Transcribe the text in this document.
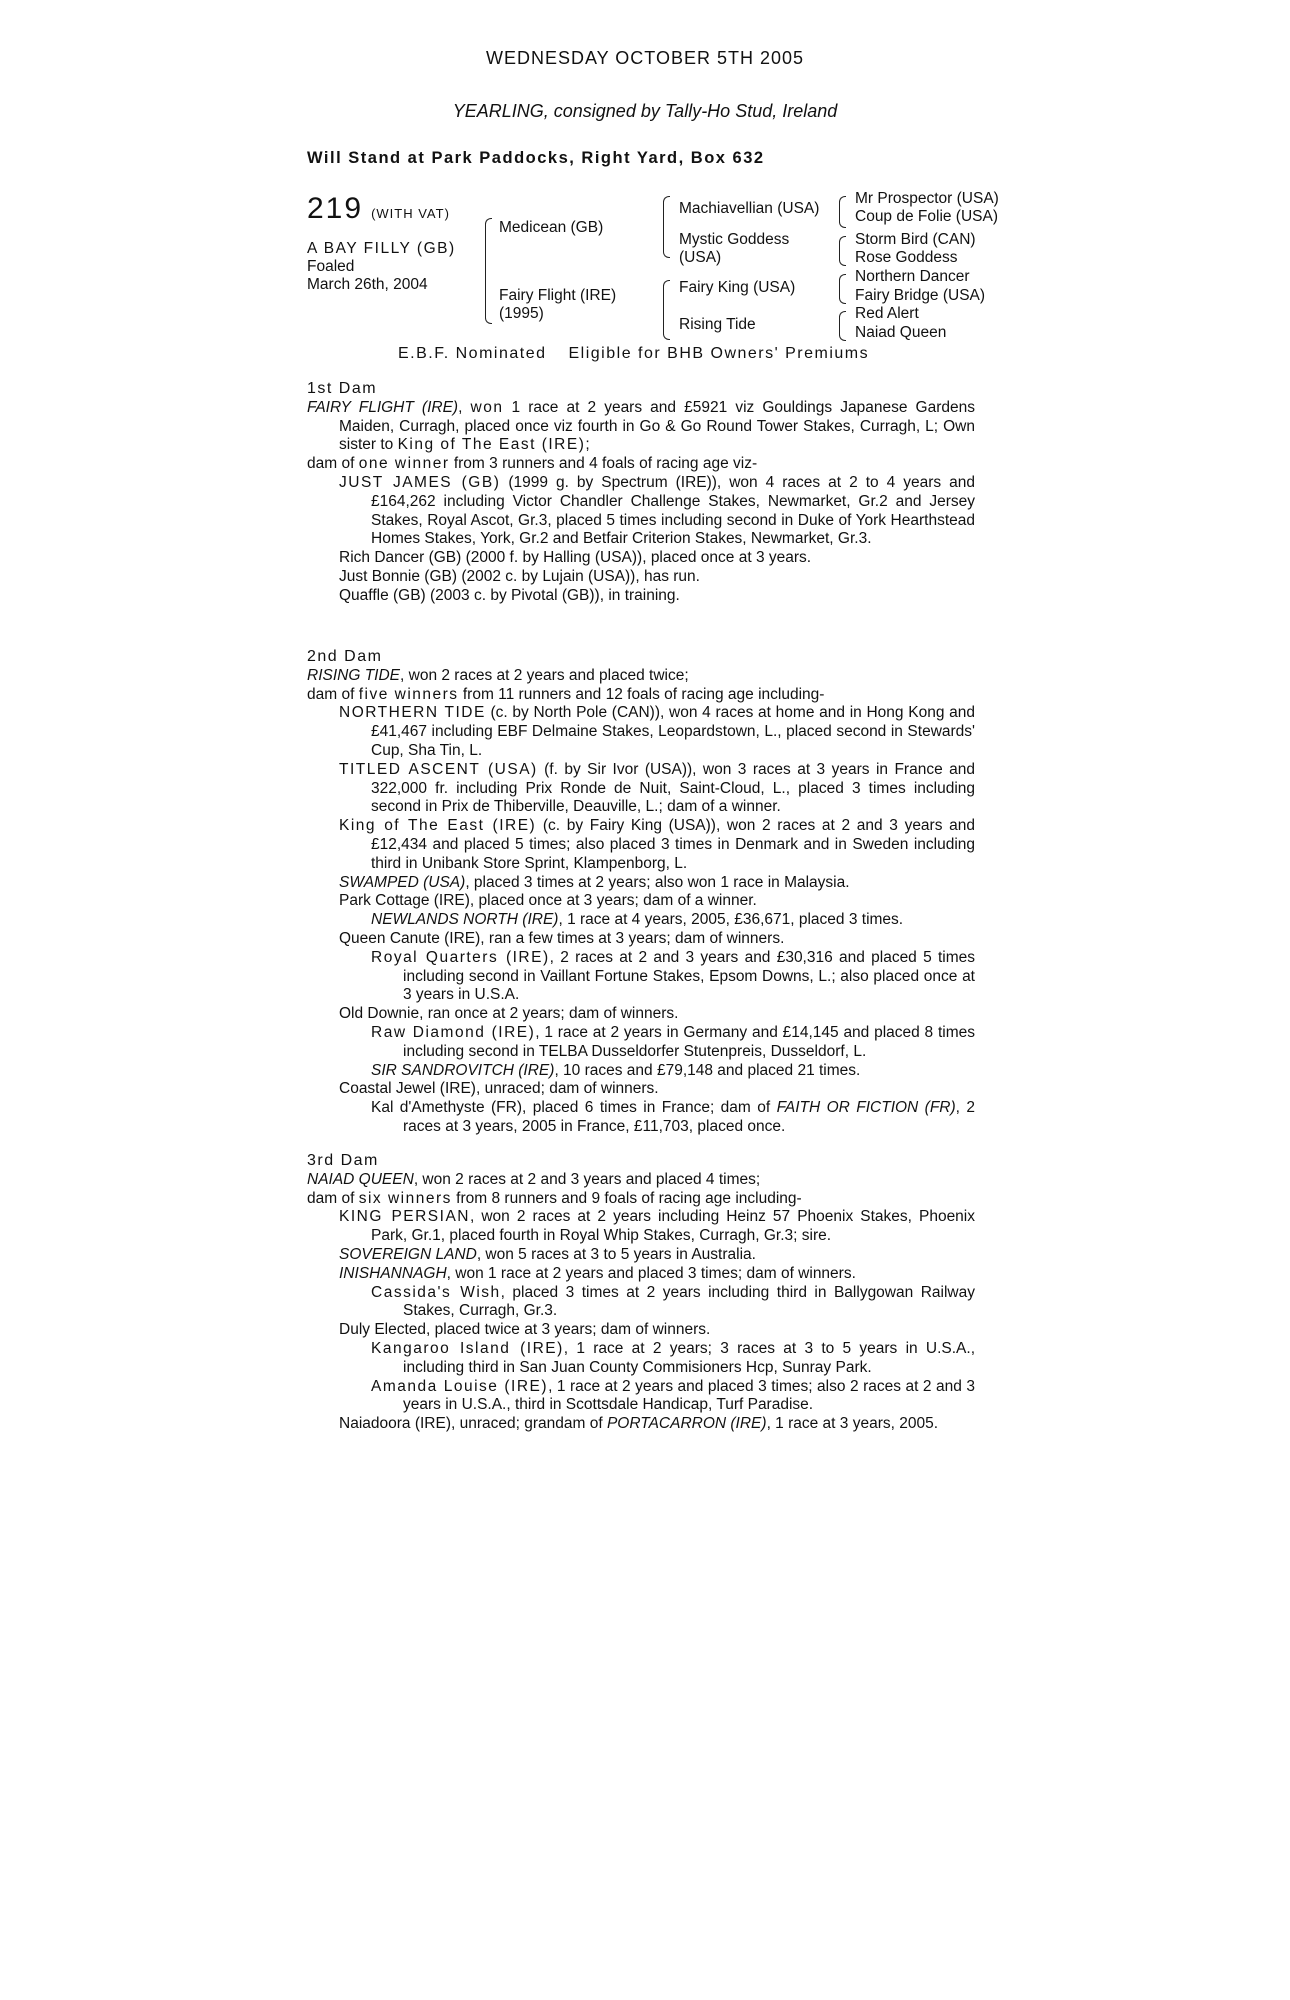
WEDNESDAY OCTOBER 5TH 2005
YEARLING, consigned by Tally-Ho Stud, Ireland
Will Stand at Park Paddocks, Right Yard, Box 632
219 (WITH VAT)
A BAY FILLY (GB)
Foaled
March 26th, 2004
Medicean (GB)
Fairy Flight (IRE)
(1995)
Machiavellian (USA)
Mystic Goddess
(USA)
Fairy King (USA)
Rising Tide
Mr Prospector (USA)
Coup de Folie (USA)
Storm Bird (CAN)
Rose Goddess
Northern Dancer
Fairy Bridge (USA)
Red Alert
Naiad Queen
E.B.F. Nominated Eligible for BHB Owners' Premiums
1st Dam

FAIRY FLIGHT (IRE), won 1 race at 2 years and £5921 viz Gouldings Japanese Gardens Maiden, Curragh, placed once viz fourth in Go & Go Round Tower Stakes, Curragh, L; Own sister to King of The East (IRE);

dam of one winner from 3 runners and 4 foals of racing age viz-

JUST JAMES (GB) (1999 g. by Spectrum (IRE)), won 4 races at 2 to 4 years and £164,262 including Victor Chandler Challenge Stakes, Newmarket, Gr.2 and Jersey Stakes, Royal Ascot, Gr.3, placed 5 times including second in Duke of York Hearthstead Homes Stakes, York, Gr.2 and Betfair Criterion Stakes, Newmarket, Gr.3.

Rich Dancer (GB) (2000 f. by Halling (USA)), placed once at 3 years.

Just Bonnie (GB) (2002 c. by Lujain (USA)), has run.

Quaffle (GB) (2003 c. by Pivotal (GB)), in training.

2nd Dam

RISING TIDE, won 2 races at 2 years and placed twice;

dam of five winners from 11 runners and 12 foals of racing age including-

NORTHERN TIDE (c. by North Pole (CAN)), won 4 races at home and in Hong Kong and £41,467 including EBF Delmaine Stakes, Leopardstown, L., placed second in Stewards' Cup, Sha Tin, L.

TITLED ASCENT (USA) (f. by Sir Ivor (USA)), won 3 races at 3 years in France and 322,000 fr. including Prix Ronde de Nuit, Saint-Cloud, L., placed 3 times including second in Prix de Thiberville, Deauville, L.; dam of a winner.

King of The East (IRE) (c. by Fairy King (USA)), won 2 races at 2 and 3 years and £12,434 and placed 5 times; also placed 3 times in Denmark and in Sweden including third in Unibank Store Sprint, Klampenborg, L.

SWAMPED (USA), placed 3 times at 2 years; also won 1 race in Malaysia.

Park Cottage (IRE), placed once at 3 years; dam of a winner.

NEWLANDS NORTH (IRE), 1 race at 4 years, 2005, £36,671, placed 3 times.

Queen Canute (IRE), ran a few times at 3 years; dam of winners.

Royal Quarters (IRE), 2 races at 2 and 3 years and £30,316 and placed 5 times including second in Vaillant Fortune Stakes, Epsom Downs, L.; also placed once at 3 years in U.S.A.

Old Downie, ran once at 2 years; dam of winners.

Raw Diamond (IRE), 1 race at 2 years in Germany and £14,145 and placed 8 times including second in TELBA Dusseldorfer Stutenpreis, Dusseldorf, L.

SIR SANDROVITCH (IRE), 10 races and £79,148 and placed 21 times.

Coastal Jewel (IRE), unraced; dam of winners.

Kal d'Amethyste (FR), placed 6 times in France; dam of FAITH OR FICTION (FR), 2 races at 3 years, 2005 in France, £11,703, placed once.

3rd Dam

NAIAD QUEEN, won 2 races at 2 and 3 years and placed 4 times;

dam of six winners from 8 runners and 9 foals of racing age including-

KING PERSIAN, won 2 races at 2 years including Heinz 57 Phoenix Stakes, Phoenix Park, Gr.1, placed fourth in Royal Whip Stakes, Curragh, Gr.3; sire.

SOVEREIGN LAND, won 5 races at 3 to 5 years in Australia.

INISHANNAGH, won 1 race at 2 years and placed 3 times; dam of winners.

Cassida's Wish, placed 3 times at 2 years including third in Ballygowan Railway Stakes, Curragh, Gr.3.

Duly Elected, placed twice at 3 years; dam of winners.

Kangaroo Island (IRE), 1 race at 2 years; 3 races at 3 to 5 years in U.S.A., including third in San Juan County Commisioners Hcp, Sunray Park.

Amanda Louise (IRE), 1 race at 2 years and placed 3 times; also 2 races at 2 and 3 years in U.S.A., third in Scottsdale Handicap, Turf Paradise.

Naiadoora (IRE), unraced; grandam of PORTACARRON (IRE), 1 race at 3 years, 2005.
